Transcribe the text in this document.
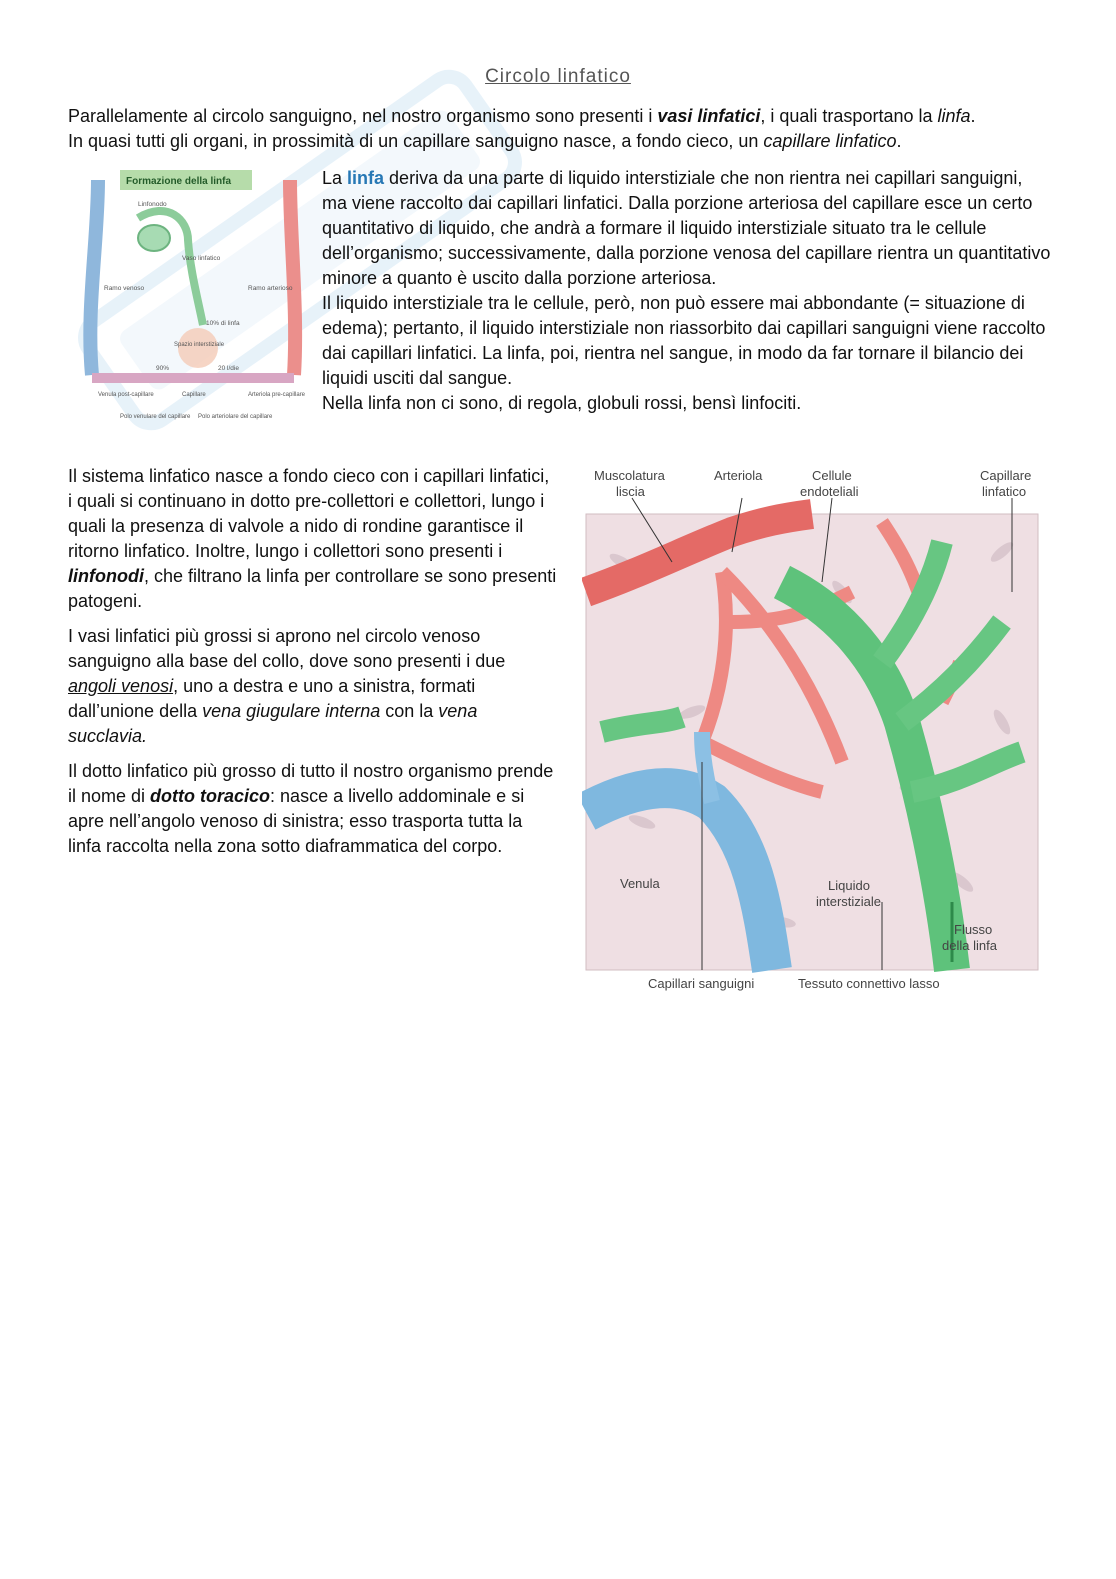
Circolo linfatico

Parallelamente al circolo sanguigno, nel nostro organismo sono presenti i vasi linfatici, i quali trasportano la linfa.

In quasi tutti gli organi, in prossimità di un capillare sanguigno nasce, a fondo cieco, un capillare linfatico.

Formazione della linfa
Linfonodo
Vaso linfatico
Ramo venoso	Ramo arterioso
10% di linfa
Spazio interstiziale
90%	20 l/die
Venula post-capillare	Capillare	Arteriola pre-capillare
Polo venulare del capillare Polo arteriolare del capillare

La linfa deriva da una parte di liquido interstiziale che non rientra nei capillari sanguigni, ma viene raccolto dai capillari linfatici. Dalla porzione arteriosa del capillare esce un certo quantitativo di liquido, che andrà a formare il liquido interstiziale situato tra le cellule dell’organismo; successivamente, dalla porzione venosa del capillare rientra un quantitativo minore a quanto è uscito dalla porzione arteriosa.

Il liquido interstiziale tra le cellule, però, non può essere mai abbondante (= situazione di edema); pertanto, il liquido interstiziale non riassorbito dai capillari sanguigni viene raccolto dai capillari linfatici. La linfa, poi, rientra nel sangue, in modo da far tornare il bilancio dei liquidi usciti dal sangue.

Nella linfa non ci sono, di regola, globuli rossi, bensì linfociti.

Il sistema linfatico nasce a fondo cieco con i capillari linfatici, i quali si continuano in dotto pre-collettori e collettori, lungo i quali la presenza di valvole a nido di rondine garantisce il ritorno linfatico. Inoltre, lungo i collettori sono presenti i linfonodi, che filtrano la linfa per controllare se sono presenti patogeni.

I vasi linfatici più grossi si aprono nel circolo venoso sanguigno alla base del collo, dove sono presenti i due angoli venosi, uno a destra e uno a sinistra, formati dall’unione della vena giugulare interna con la vena succlavia.

Il dotto linfatico più grosso di tutto il nostro organismo prende il nome di dotto toracico: nasce a livello addominale e si apre nell’angolo venoso di sinistra; esso trasporta tutta la linfa raccolta nella zona sotto diaframmatica del corpo.

Muscolatura
liscia
Arteriola	Cellule
endoteliali
Capillare
linfatico
Venula	Liquido
interstiziale
Flusso
della linfa
Capillari sanguigni	Tessuto connettivo lasso
